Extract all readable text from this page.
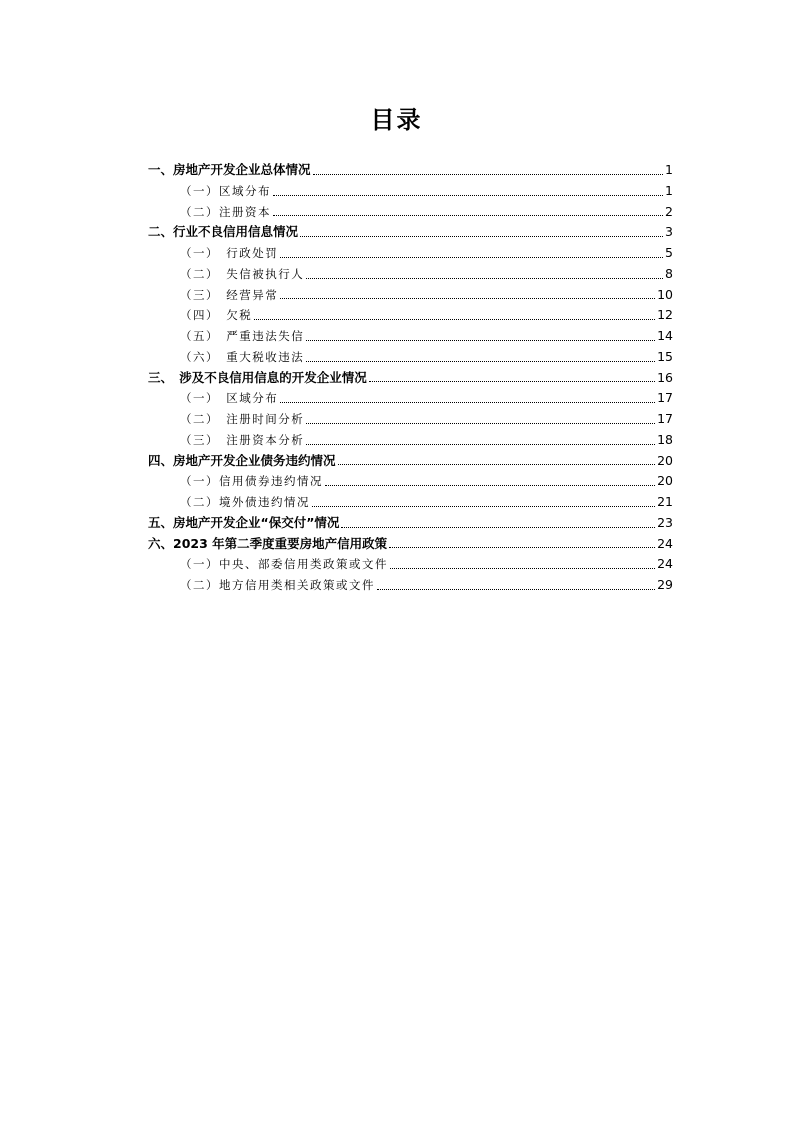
目录
一、房地产开发企业总体情况	1
（一）区域分布	1
（二）注册资本	2
二、行业不良信用信息情况	3
（一）　行政处罚	5
（二）　失信被执行人	8
（三）　经营异常	10
（四）　欠税	12
（五）　严重违法失信	14
（六）　重大税收违法	15
三、　涉及不良信用信息的开发企业情况	16
（一）　区域分布	17
（二）　注册时间分析	17
（三）　注册资本分析	18
四、房地产开发企业债务违约情况	20
（一）信用债券违约情况	20
（二）境外债违约情况	21
五、房地产开发企业“保交付”情况	23
六、2023 年第二季度重要房地产信用政策	24
（一）中央、部委信用类政策或文件	24
（二）地方信用类相关政策或文件	29
